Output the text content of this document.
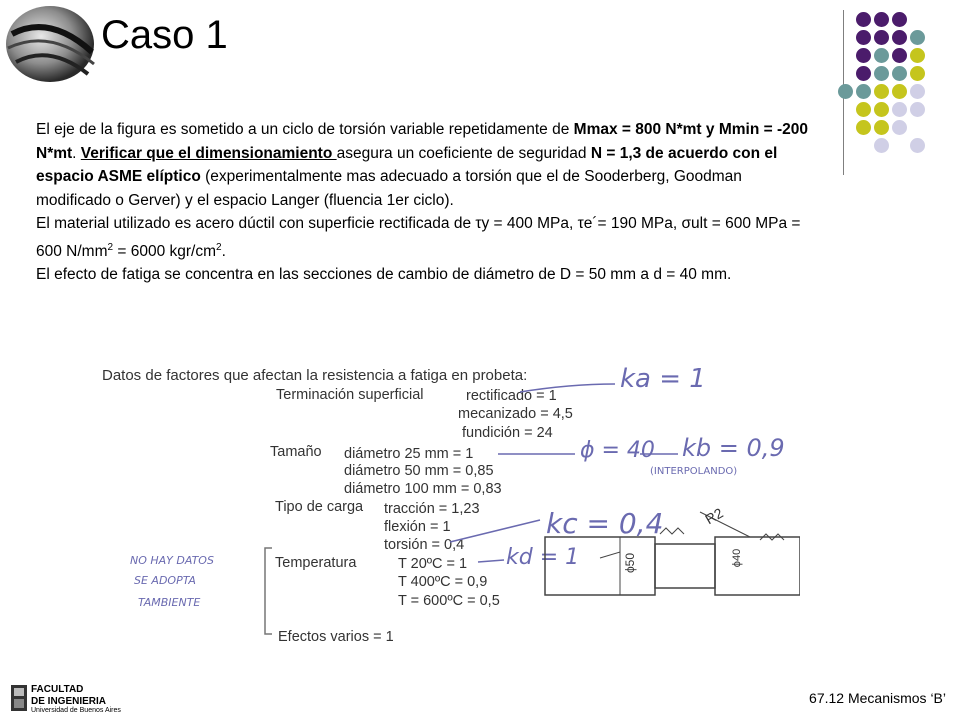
Caso 1

El eje de la figura es sometido a un ciclo de torsión variable repetidamente de Mmax = 800 N*mt y Mmin = -200 N*mt. Verificar que el dimensionamiento asegura un coeficiente de seguridad N = 1,3 de acuerdo con el espacio ASME elíptico (experimentalmente mas adecuado a torsión que el de Sooderberg, Goodman modificado o Gerver) y el espacio Langer (fluencia 1er ciclo).

El material utilizado es acero dúctil con superficie rectificada de τy = 400 MPa, τe´= 190 MPa, σult = 600 MPa = 600 $N/mm^2 = 6000$ kgr/$cm^2$.

El efecto de fatiga se concentra en las secciones de cambio de diámetro de D = 50 mm a d = 40 mm.

Datos de factores que afectan la resistencia a fatiga en probeta:
Terminación superficial	rectificado = 1
mecanizado = 4,5
fundición = 24
Tamaño diámetro 25 mm = 1
diámetro 50 mm = 0,85
diámetro 100 mm = 0,83
Tipo de carga tracción = 1,23
flexión = 1
torsión = 0,4
Temperatura	T 20ºC = 1
T 400ºC = 0,9
T = 600ºC = 0,5
Efectos varios = 1
ka = 1
ϕ = 40 kb = 0,9
(INTERPOLANDO)
kc = 0,4
kd = 1
NO HAY DATOS
SE ADOPTA
TAMBIENTE
R2
ϕ50	ϕ40
FACULTAD
DE INGENIERIA
Universidad de Buenos Aires
67.12 Mecanismos ‘B’
